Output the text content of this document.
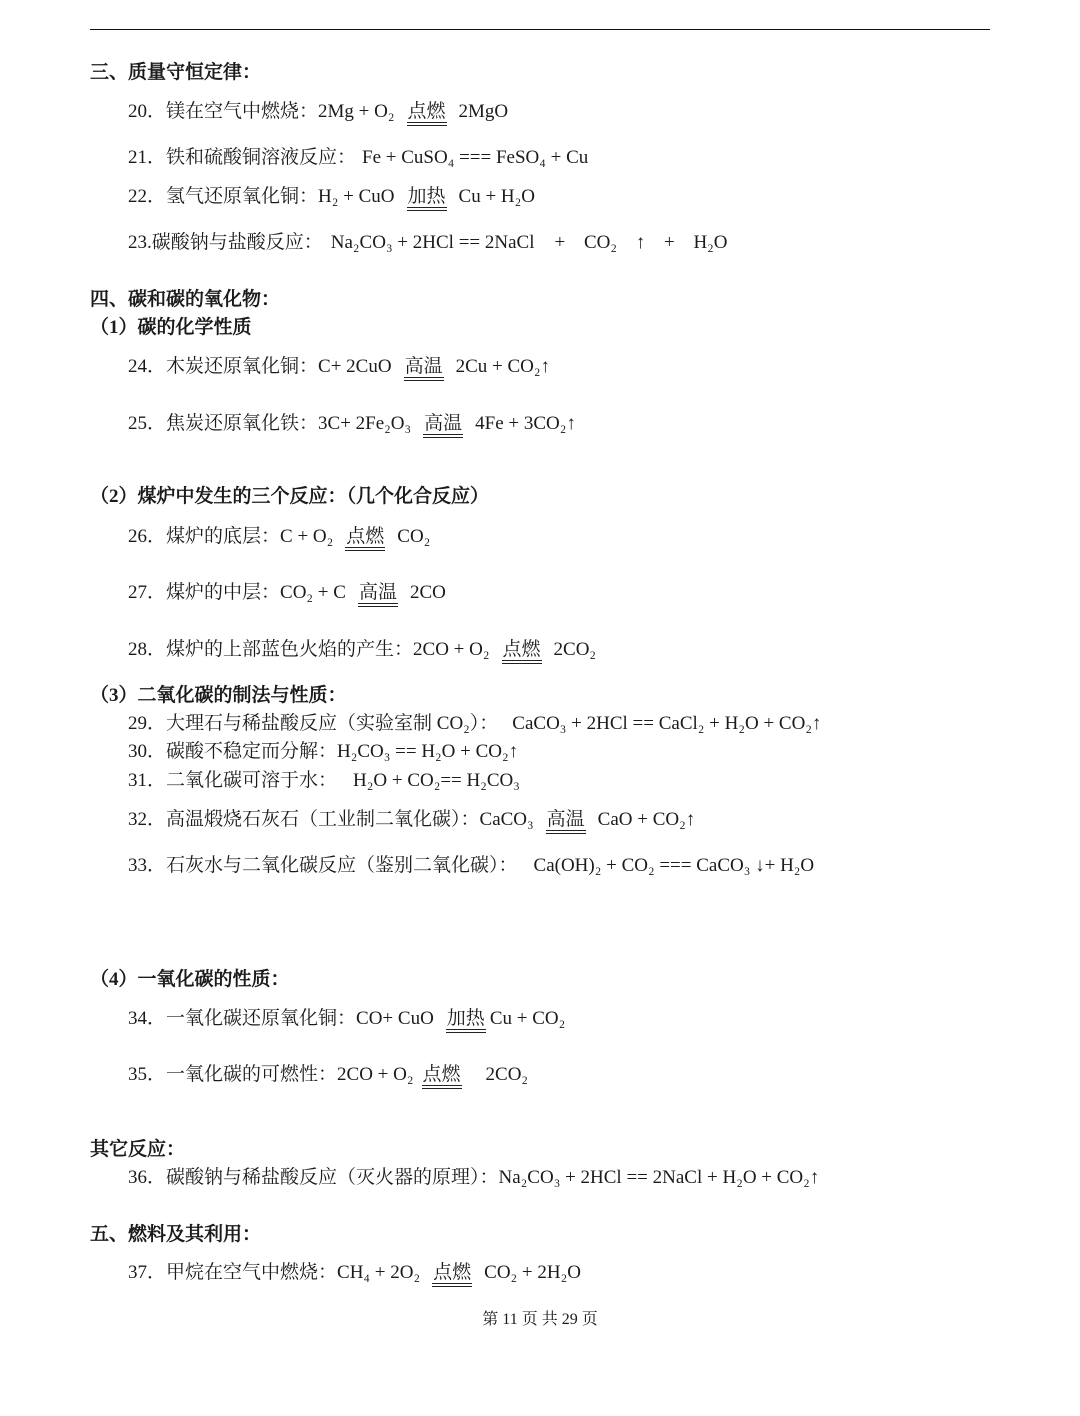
三、质量守恒定律：
20．镁在空气中燃烧：2Mg + O₂ 点燃 2MgO
21．铁和硫酸铜溶液反应： Fe + CuSO₄ === FeSO₄ + Cu
22．氢气还原氧化铜：H₂ + CuO 加热 Cu + H₂O
23.碳酸钠与盐酸反应： Na₂CO₃ + 2HCl == 2NaCl + CO₂ ↑ + H₂O
四、碳和碳的氧化物：
（1）碳的化学性质
24．木炭还原氧化铜：C+ 2CuO 高温 2Cu + CO₂↑
25．焦炭还原氧化铁：3C+ 2Fe₂O₃ 高温 4Fe + 3CO₂↑
（2）煤炉中发生的三个反应：（几个化合反应）
26．煤炉的底层：C + O₂ 点燃 CO₂
27．煤炉的中层：CO₂ + C 高温 2CO
28．煤炉的上部蓝色火焰的产生：2CO + O₂ 点燃 2CO₂
（3）二氧化碳的制法与性质：
29．大理石与稀盐酸反应（实验室制 CO₂）： CaCO₃ + 2HCl == CaCl₂ + H₂O + CO₂↑
30．碳酸不稳定而分解：H₂CO₃ == H₂O + CO₂↑
31．二氧化碳可溶于水： H₂O + CO₂== H₂CO₃
32．高温煅烧石灰石（工业制二氧化碳）：CaCO₃ 高温 CaO + CO₂↑
33．石灰水与二氧化碳反应（鉴别二氧化碳）： Ca(OH)₂ + CO₂ === CaCO₃ ↓+ H₂O
（4）一氧化碳的性质：
34．一氧化碳还原氧化铜：CO+ CuO 加热 Cu + CO₂
35．一氧化碳的可燃性：2CO + O₂ 点燃 2CO₂
其它反应：
36．碳酸钠与稀盐酸反应（灭火器的原理）：Na₂CO₃ + 2HCl == 2NaCl + H₂O + CO₂↑
五、燃料及其利用：
37．甲烷在空气中燃烧：CH₄ + 2O₂ 点燃 CO₂ + 2H₂O
第 11 页 共 29 页
